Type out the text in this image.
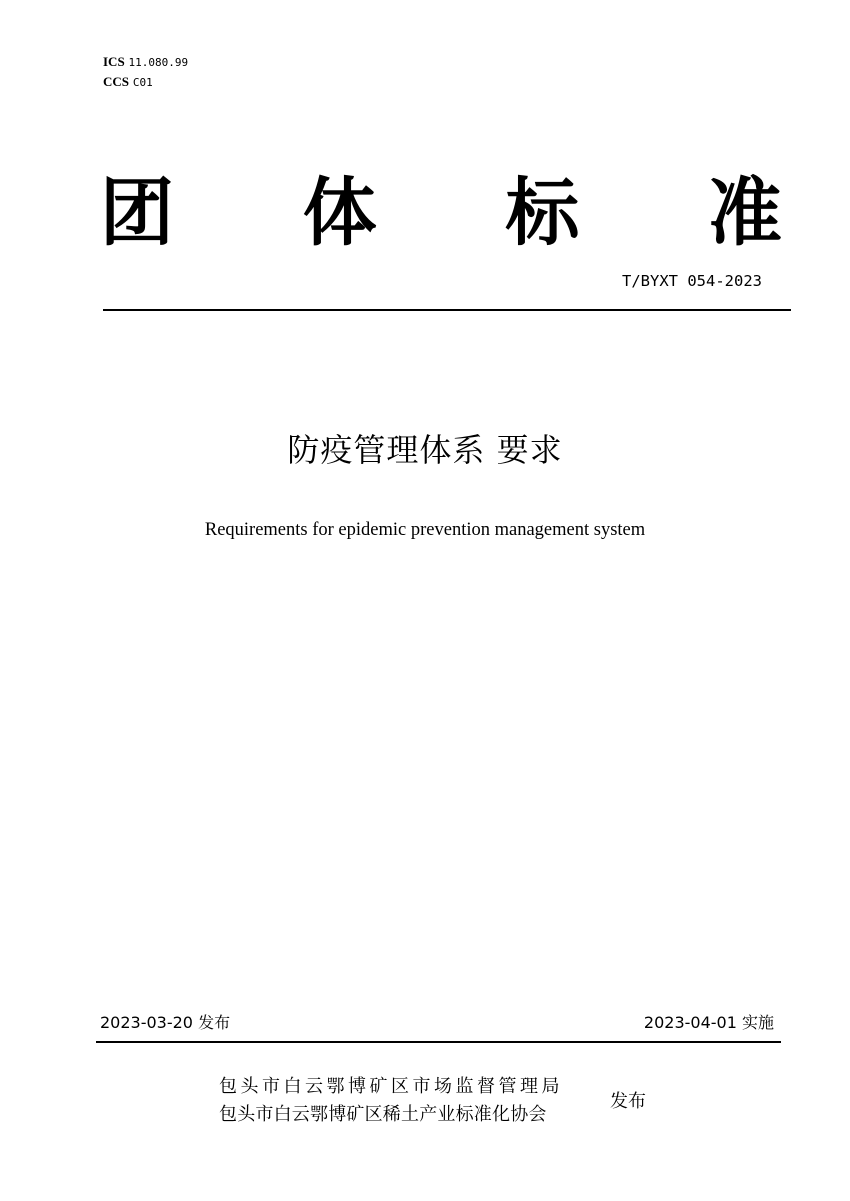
ICS 11.080.99
CCS C01
团 体 标 准
T/BYXT 054-2023
防疫管理体系 要求
Requirements for epidemic prevention management system
2023-03-20 发布	2023-04-01 实施
包头市白云鄂博矿区市场监督管理局
包头市白云鄂博矿区稀土产业标准化协会
发布
